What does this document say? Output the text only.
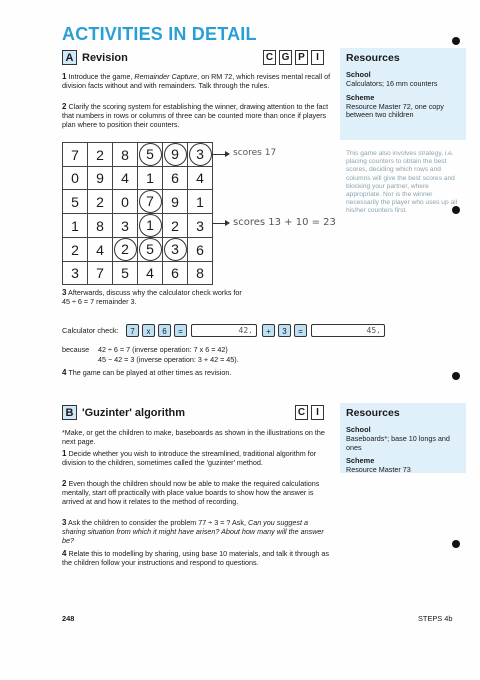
ACTIVITIES IN DETAIL
A Revision	C G P	I	Resources
School
Calculators; 16 mm counters
Scheme
Resource Master 72, one copy between two children
This game also involves strategy, i.e. placing counters to obtain the best scores, deciding which rows and columns will give the best scores and blocking your partner, where appropriate. Nor is the winner necessarily the player who uses up all his/her counters first.
1 Introduce the game, Remainder Capture, on RM 72, which revises mental recall of division facts without and with remainders. Talk through the rules.
2 Clarify the scoring system for establishing the winner, drawing attention to the fact that numbers in rows or columns of three can be counted more than once if players plan where to position their counters.
7	2	8	5	9	3
0	9	4	1	6	4
5	2	0	7	9	1
1	8	3	1	2	3
2	4	2	5	3	6
3	7	5	4	6	8
scores 17
scores 13 + 10 = 23
3 Afterwards, discuss why the calculator check works for
45 ÷ 6 = 7 remainder 3.
Calculator check:	7	x	6	=	42.	+	3	=	45.
because 42 ÷ 6 = 7 (inverse operation: 7 x 6 = 42)
45 − 42 = 3 (inverse operation: 3 + 42 = 45).
4 The game can be played at other times as revision.
B 'Guzinter' algorithm	C	I	Resources
School
Baseboards*; base 10 longs and ones
Scheme
Resource Master 73
*Make, or get the children to make, baseboards as shown in the illustrations on the next page.
1 Decide whether you wish to introduce the streamlined, traditional algorithm for division to the children, sometimes called the 'guzinter' method.
2 Even though the children should now be able to make the required calculations mentally, start off practically with place value boards to show how the answer is arrived at and how it relates to the method of recording.
3 Ask the children to consider the problem 77 ÷ 3 = ? Ask, Can you suggest a sharing situation from which it might have arisen? About how many will the answer be?
4 Relate this to modelling by sharing, using base 10 materials, and talk it through as the children follow your instructions and respond to questions.
248	STEPS 4b
